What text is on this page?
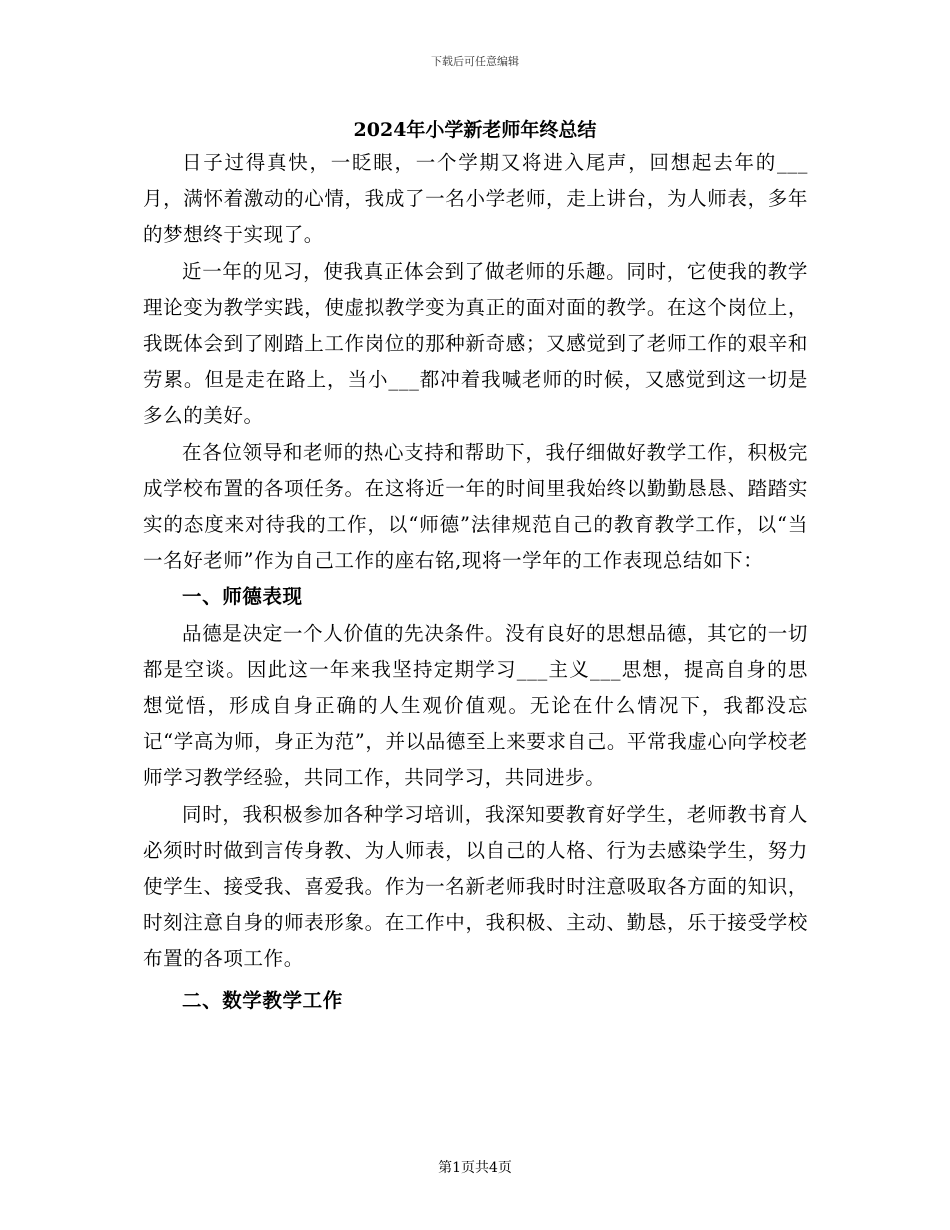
下载后可任意编辑
2024年小学新老师年终总结

日子过得真快，一眨眼，一个学期又将进入尾声，回想起去年的___月，满怀着激动的心情，我成了一名小学老师，走上讲台，为人师表，多年的梦想终于实现了。

近一年的见习，使我真正体会到了做老师的乐趣。同时，它使我的教学理论变为教学实践，使虚拟教学变为真正的面对面的教学。在这个岗位上，我既体会到了刚踏上工作岗位的那种新奇感；又感觉到了老师工作的艰辛和劳累。但是走在路上，当小___都冲着我喊老师的时候，又感觉到这一切是多么的美好。

在各位领导和老师的热心支持和帮助下，我仔细做好教学工作，积极完成学校布置的各项任务。在这将近一年的时间里我始终以勤勤恳恳、踏踏实实的态度来对待我的工作，以“师德”法律规范自己的教育教学工作，以“当一名好老师”作为自己工作的座右铭,现将一学年的工作表现总结如下：

一、师德表现

品德是决定一个人价值的先决条件。没有良好的思想品德，其它的一切都是空谈。因此这一年来我坚持定期学习___主义___思想，提高自身的思想觉悟，形成自身正确的人生观价值观。无论在什么情况下，我都没忘记“学高为师，身正为范”，并以品德至上来要求自己。平常我虚心向学校老师学习教学经验，共同工作，共同学习，共同进步。

同时，我积极参加各种学习培训，我深知要教育好学生，老师教书育人必须时时做到言传身教、为人师表，以自己的人格、行为去感染学生，努力使学生、接受我、喜爱我。作为一名新老师我时时注意吸取各方面的知识，时刻注意自身的师表形象。在工作中，我积极、主动、勤恳，乐于接受学校布置的各项工作。

二、数学教学工作

第1页共4页
